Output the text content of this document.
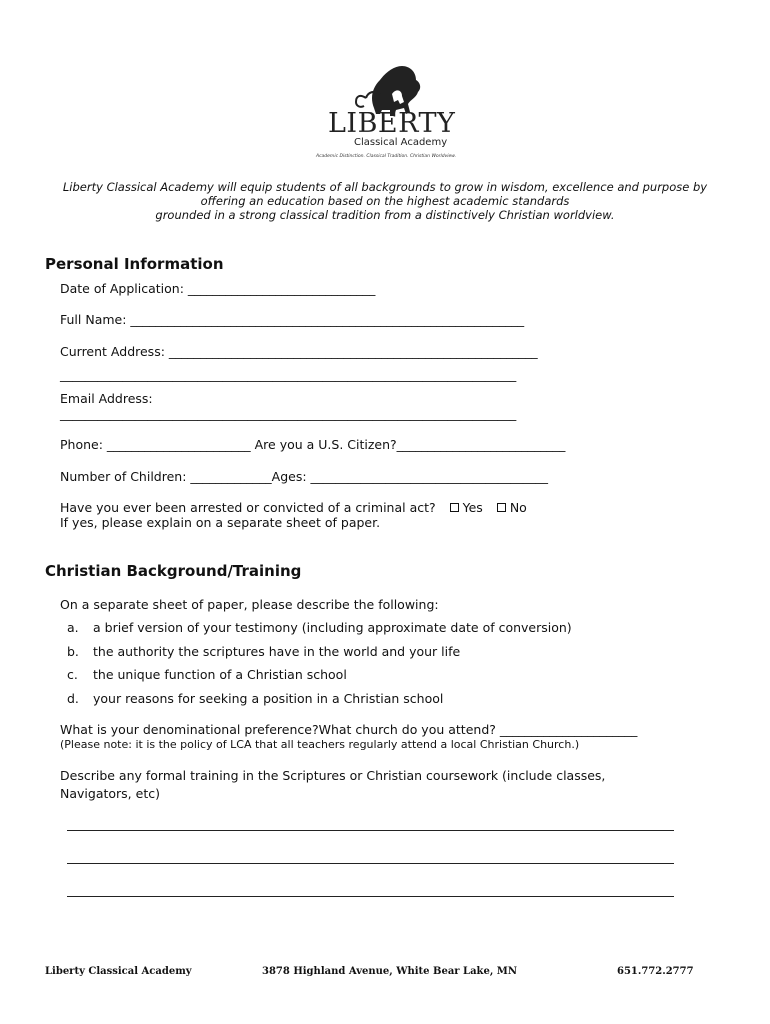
LIBERTY
Classical Academy
Academic Distinction. Classical Tradition. Christian Worldview.
Liberty Classical Academy will equip students of all backgrounds to grow in wisdom, excellence and purpose by
offering an education based on the highest academic standards
grounded in a strong classical tradition from a distinctively Christian worldview.
Personal Information
Date of Application: ______________________________
Full Name: _______________________________________________________________
Current Address: ___________________________________________________________
_________________________________________________________________________
Email Address:
_________________________________________________________________________
Phone: _______________________ Are you a U.S. Citizen?___________________________
Number of Children: _____________Ages: ______________________________________
Have you ever been arrested or convicted of a criminal act? Yes No
If yes, please explain on a separate sheet of paper.
Christian Background/Training
On a separate sheet of paper, please describe the following:
a. a brief version of your testimony (including approximate date of conversion)
b. the authority the scriptures have in the world and your life
c. the unique function of a Christian school
d. your reasons for seeking a position in a Christian school
What is your denominational preference?What church do you attend? ______________________
(Please note: it is the policy of LCA that all teachers regularly attend a local Christian Church.)
Describe any formal training in the Scriptures or Christian coursework (include classes,
Navigators, etc)
Liberty Classical Academy	3878 Highland Avenue, White Bear Lake, MN	651.772.2777
